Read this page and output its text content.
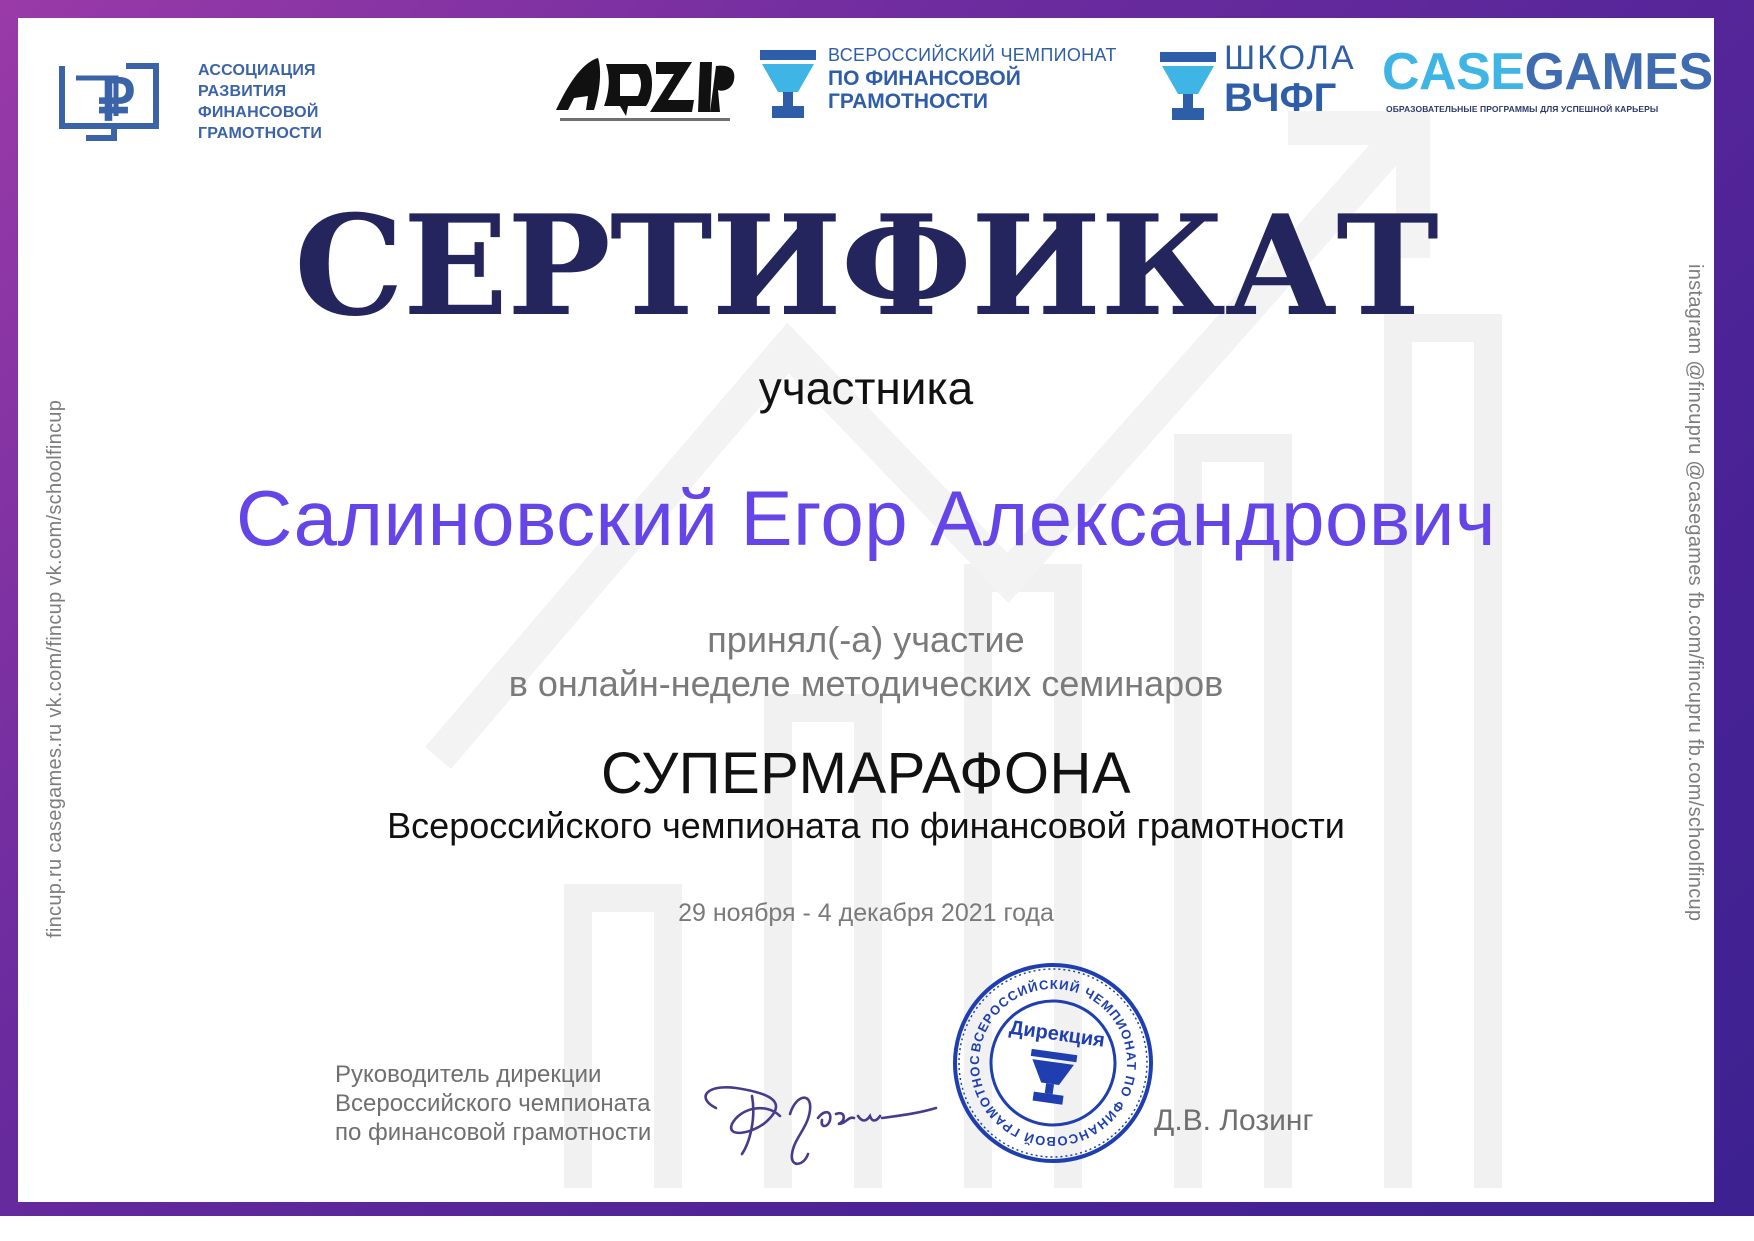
₽	АССОЦИАЦИЯ
РАЗВИТИЯ
ФИНАНСОВОЙ
ГРАМОТНОСТИ
ВСЕРОССИЙСКИЙ ЧЕМПИОНАТ
ПО ФИНАНСОВОЙ
ГРАМОТНОСТИ
ШКОЛА
ВЧФГ CASEGAMES
ОБРАЗОВАТЕЛЬНЫЕ ПРОГРАММЫ ДЛЯ УСПЕШНОЙ КАРЬЕРЫ
fincup.ru casegames.ru vk.com/fincup vk.com/schoolfincup	instagram @fincupru @casegames fb.com/fincupru fb.com/schoolfincup
СЕРТИФИКАТ
участника
Салиновский Егор Александрович
принял(-а) участие
в онлайн-неделе методических семинаров
СУПЕРМАРАФОНА
Всероссийского чемпионата по финансовой грамотности
29 ноября - 4 декабря 2021 года
Руководитель дирекции
Всероссийского чемпионата
по финансовой грамотности
ВСЕРОССИЙСКИЙ ЧЕМПИОНАТ ПО ФИНАНСОВОЙ ГРАМОТНОСТИ
Дирекция
Д.В. Лозинг
